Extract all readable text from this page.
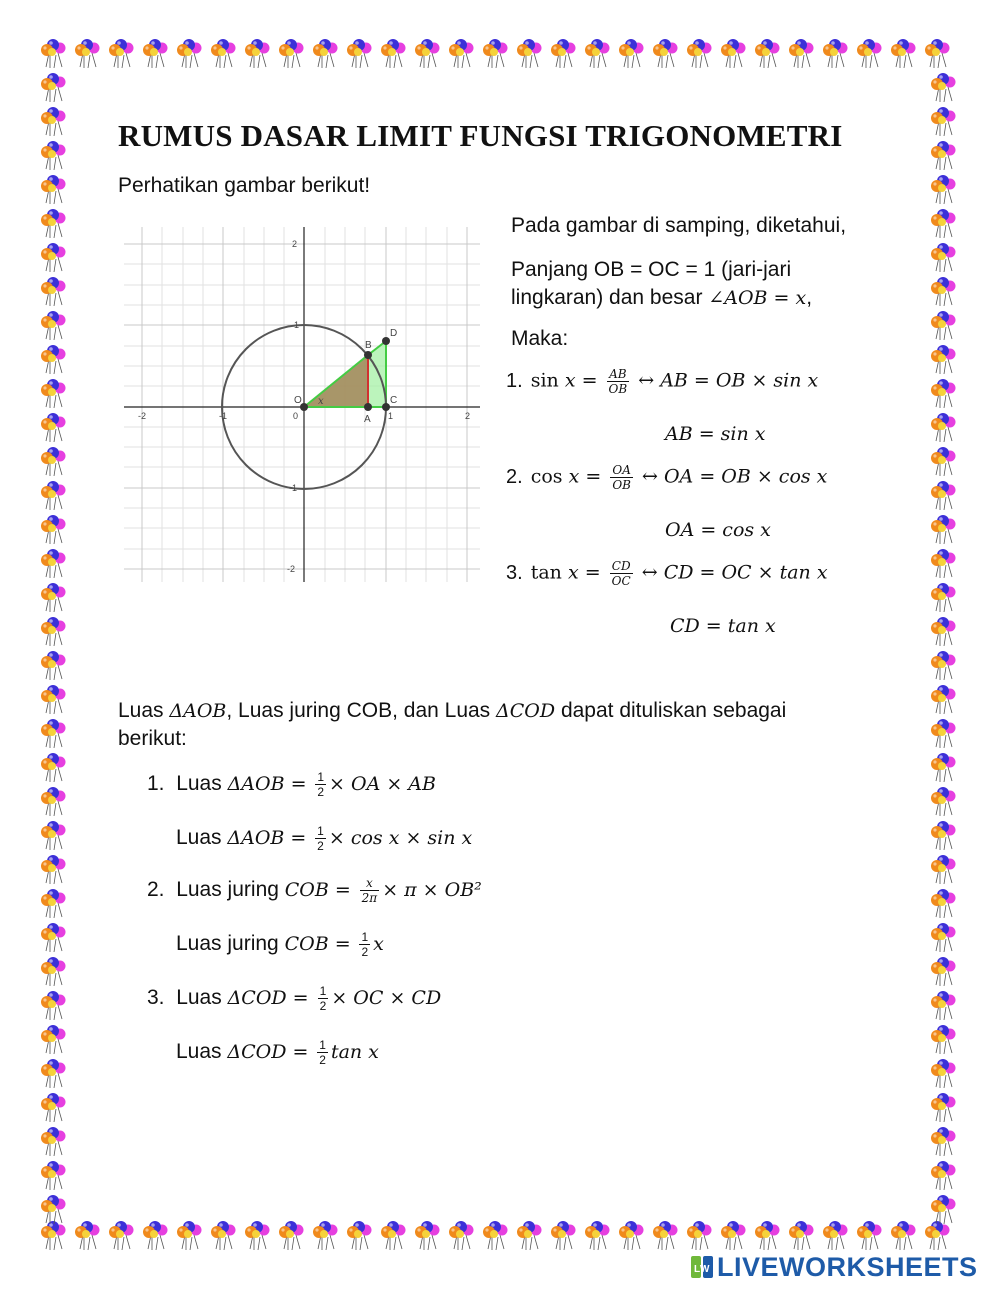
RUMUS DASAR LIMIT FUNGSI TRIGONOMETRI

Perhatikan gambar berikut!

-2	-1	0	1	2
2
1
-1
-2
O
A
B
C
D
x

Pada gambar di samping, diketahui,

Panjang OB = OC = 1 (jari-jari

lingkaran) dan besar ∠AOB = x,

Maka:

1. $\sin x = \frac{AB}{OB}$ ↔ AB = OB × sin x
AB = sin x
2. $\cos x = \frac{OA}{OB}$ ↔ OA = OB × cos x
OA = cos x
3. $\tan x = \frac{CD}{OC}$ ↔ CD = OC × tan x
CD = tan x

Luas ΔAOB, Luas juring COB, dan Luas ΔCOD dapat dituliskan sebagai berikut:

1. Luas $\Delta AOB = \frac{1}{2}$ × OA × AB
Luas $\Delta AOB = \frac{1}{2} \times \cos x \times \sin x$
2. Luas juring COB = $\frac{x}{2\pi} \times \pi \times OB^2$
Luas juring COB = $\frac{1}{2}$ x
3. Luas $\Delta COD = \frac{1}{2}$ × OC × CD
Luas $\Delta COD = \frac{1}{2}$ tan x
LW LIVEWORKSHEETS
